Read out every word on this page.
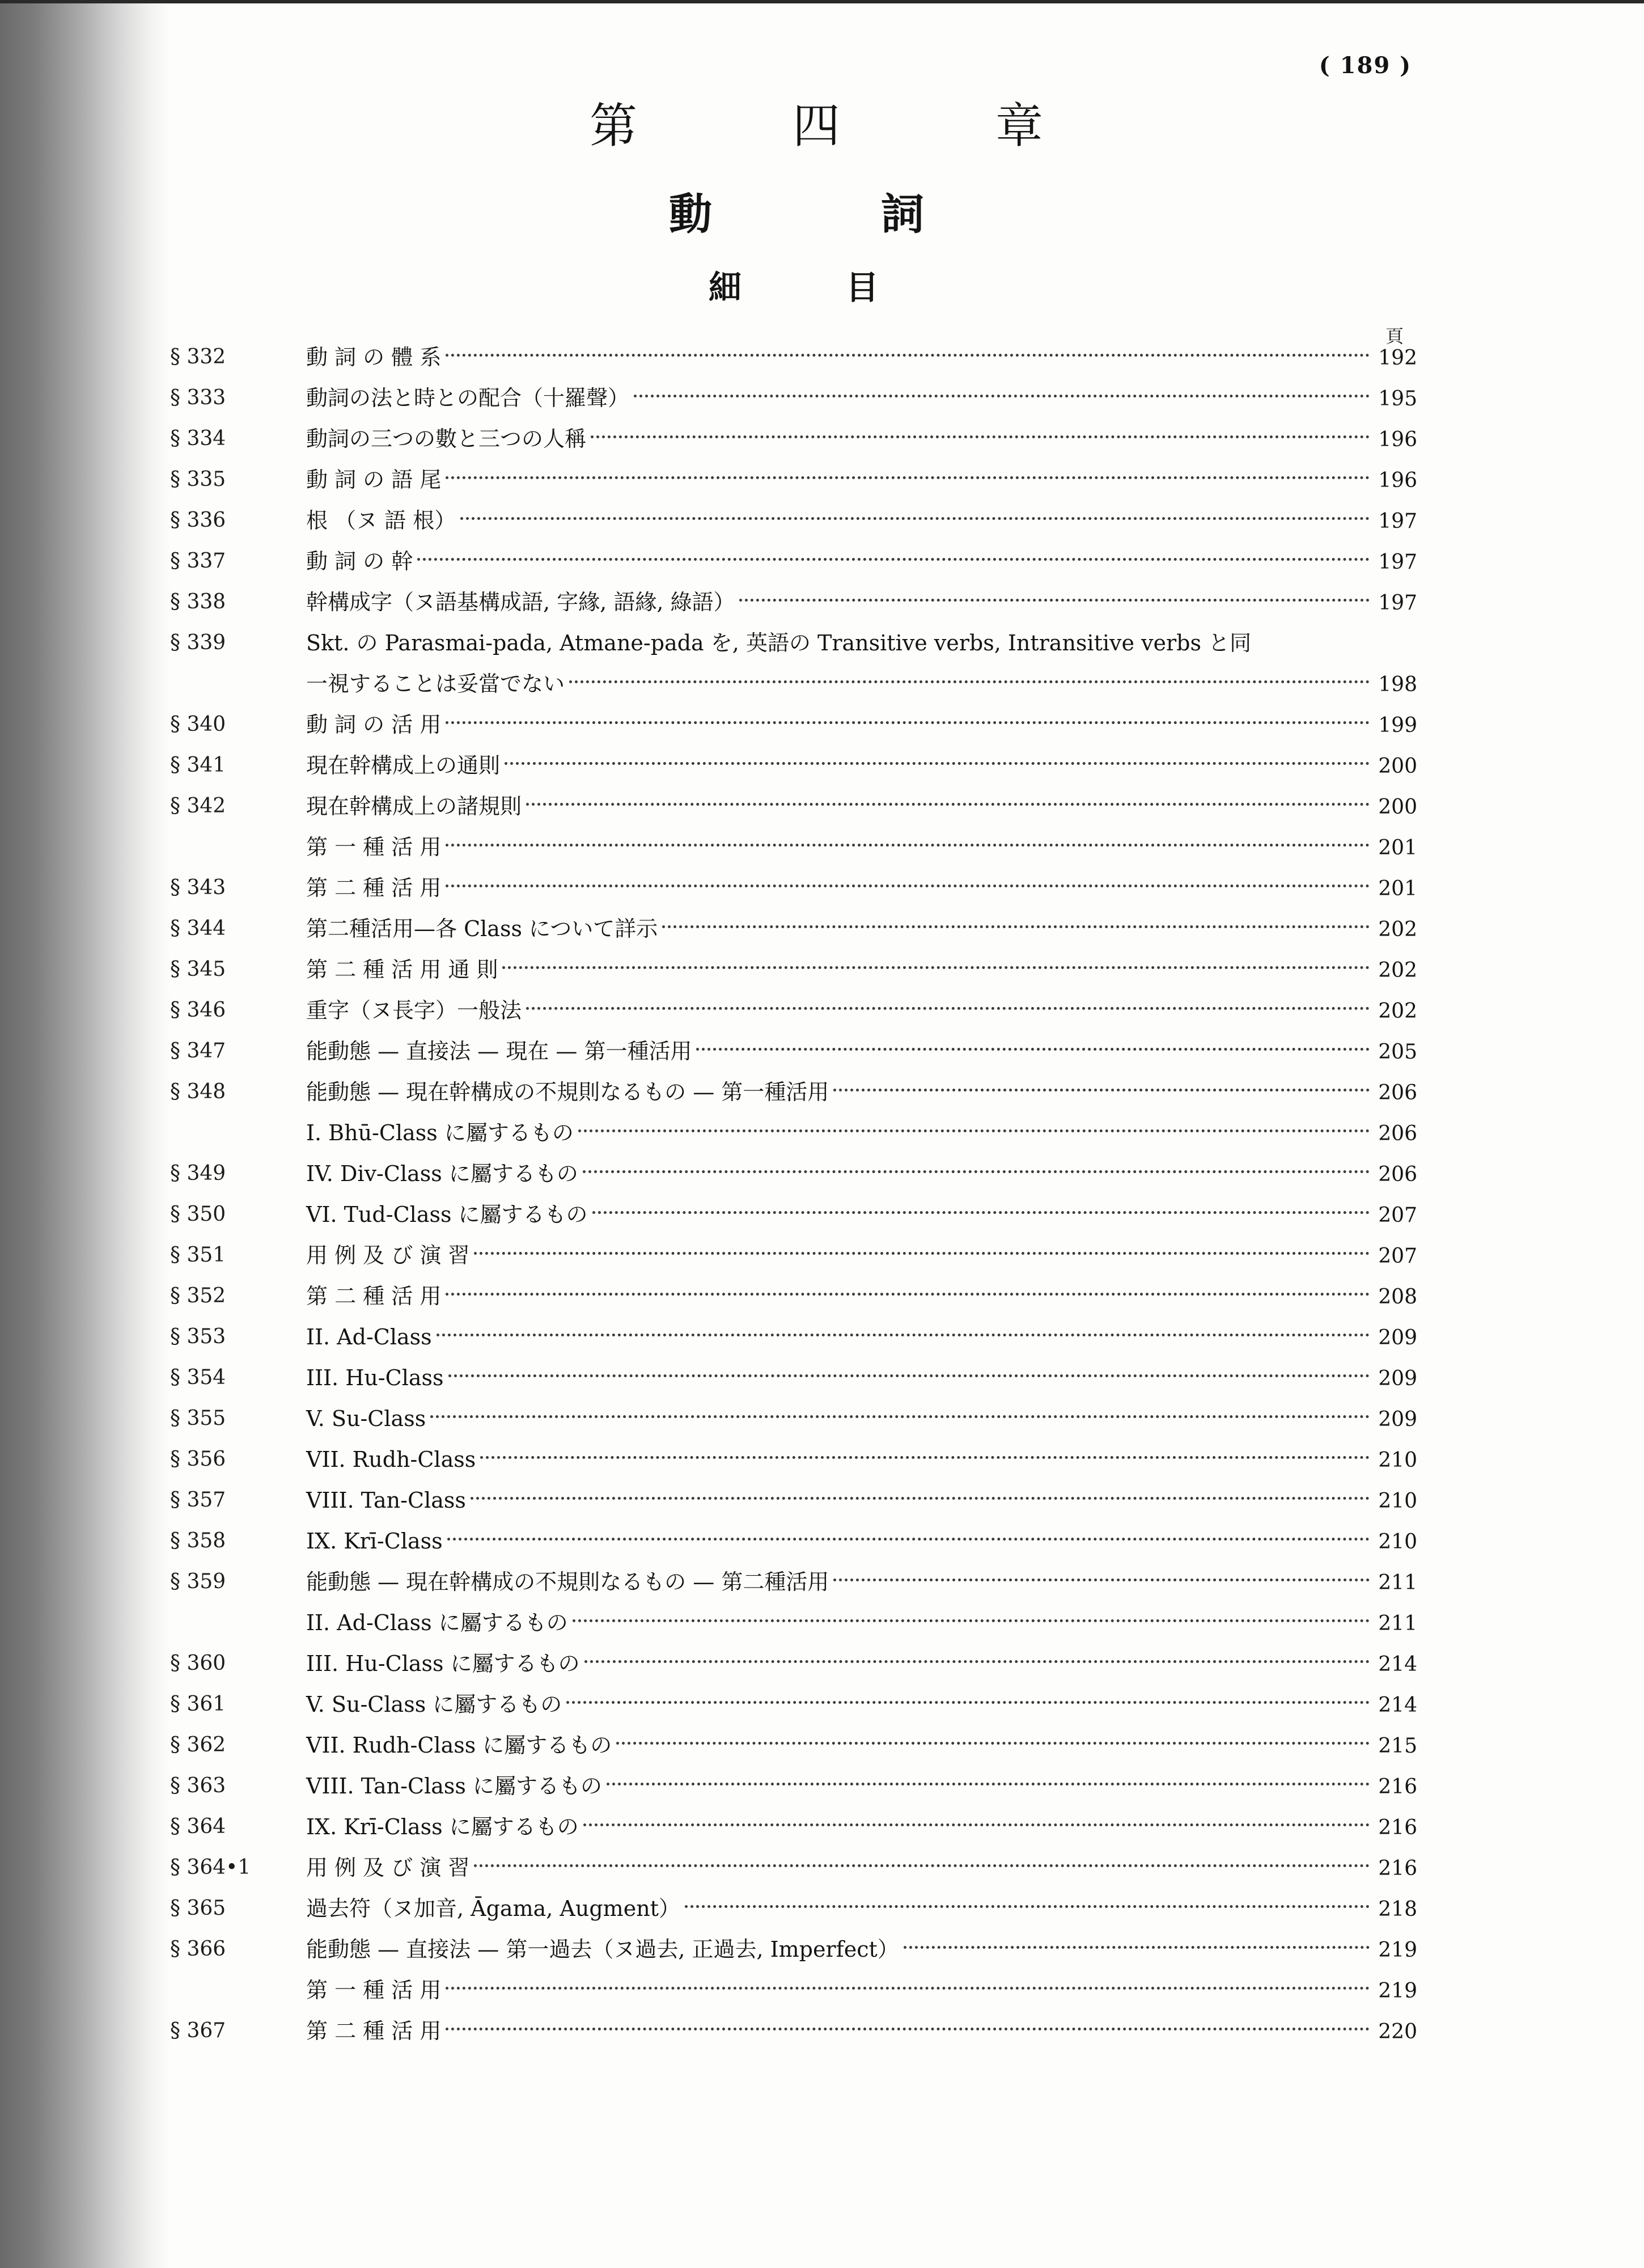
( 189 )
第	四	章
動	詞
細	目
頁
§ 332	動 詞 の 體 系	192
§ 333	動詞の法と時との配合（十羅聲）	195
§ 334	動詞の三つの數と三つの人稱	196
§ 335	動 詞 の 語 尾	196
§ 336	根 （ヌ 語 根）	197
§ 337	動 詞 の 幹	197
§ 338	幹構成字（ヌ語基構成語, 字緣, 語緣, 綠語）	197
§ 339	Skt. の Parasmai-pada, Atmane-pada を, 英語の Transitive verbs, Intransitive verbs と同
一視することは妥當でない	198
§ 340	動 詞 の 活 用	199
§ 341	現在幹構成上の通則	200
§ 342	現在幹構成上の諸規則	200
第 一 種 活 用	201
§ 343	第 二 種 活 用	201
§ 344	第二種活用—各 Class について詳示	202
§ 345	第 二 種 活 用 通 則	202
§ 346	重字（ヌ長字）一般法	202
§ 347	能動態 — 直接法 — 現在 — 第一種活用	205
§ 348	能動態 — 現在幹構成の不規則なるもの — 第一種活用	206
I. Bhū-Class に屬するもの	206
§ 349	IV. Div-Class に屬するもの	206
§ 350	VI. Tud-Class に屬するもの	207
§ 351	用 例 及 び 演 習	207
§ 352	第 二 種 活 用	208
§ 353	II. Ad-Class	209
§ 354	III. Hu-Class	209
§ 355	V. Su-Class	209
§ 356	VII. Rudh-Class	210
§ 357	VIII. Tan-Class	210
§ 358	IX. Krī-Class	210
§ 359	能動態 — 現在幹構成の不規則なるもの — 第二種活用	211
II. Ad-Class に屬するもの	211
§ 360	III. Hu-Class に屬するもの	214
§ 361	V. Su-Class に屬するもの	214
§ 362	VII. Rudh-Class に屬するもの	215
§ 363	VIII. Tan-Class に屬するもの	216
§ 364	IX. Krī-Class に屬するもの	216
§ 364•1	用 例 及 び 演 習	216
§ 365	過去符（ヌ加音, Āgama, Augment）	218
§ 366	能動態 — 直接法 — 第一過去（ヌ過去, 正過去, Imperfect）	219
第 一 種 活 用	219
§ 367	第 二 種 活 用	220
